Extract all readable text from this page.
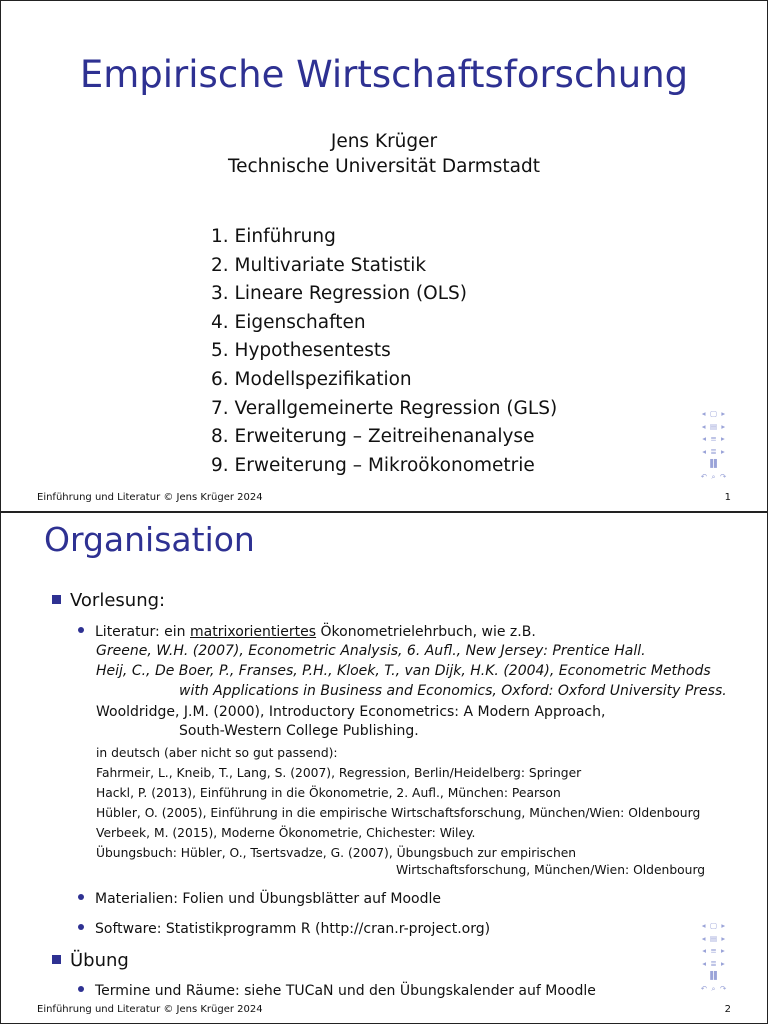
Empirische Wirtschaftsforschung
Jens Krüger
Technische Universität Darmstadt
1. Einführung
2. Multivariate Statistik
3. Lineare Regression (OLS)
4. Eigenschaften
5. Hypothesentests
6. Modellspezifikation
7. Verallgemeinerte Regression (GLS)
8. Erweiterung – Zeitreihenanalyse
9. Erweiterung – Mikroökonometrie
Einführung und Literatur © Jens Krüger 2024	1
◂ ▢ ▸
◂ ▤ ▸
◂ ≡ ▸
◂ ≣ ▸
▐▌
↶ ⌕ ↷
Einführung und Literatur © Jens Krüger 2024	2
Organisation
Vorlesung:
Literatur: ein matrixorientiertes Ökonometrielehrbuch, wie z.B.
Greene, W.H. (2007), Econometric Analysis, 6. Aufl., New Jersey: Prentice Hall.
Heij, C., De Boer, P., Franses, P.H., Kloek, T., van Dijk, H.K. (2004), Econometric Methods
with Applications in Business and Economics, Oxford: Oxford University Press.
Wooldridge, J.M. (2000), Introductory Econometrics: A Modern Approach,
South-Western College Publishing.
in deutsch (aber nicht so gut passend):
Fahrmeir, L., Kneib, T., Lang, S. (2007), Regression, Berlin/Heidelberg: Springer
Hackl, P. (2013), Einführung in die Ökonometrie, 2. Aufl., München: Pearson
Hübler, O. (2005), Einführung in die empirische Wirtschaftsforschung, München/Wien: Oldenbourg
Verbeek, M. (2015), Moderne Ökonometrie, Chichester: Wiley.
Übungsbuch: Hübler, O., Tsertsvadze, G. (2007), Übungsbuch zur empirischen
Wirtschaftsforschung, München/Wien: Oldenbourg
Materialien: Folien und Übungsblätter auf Moodle
Software: Statistikprogramm R (http://cran.r-project.org)
Übung
Termine und Räume: siehe TUCaN und den Übungskalender auf Moodle
◂ ▢ ▸
◂ ▤ ▸
◂ ≡ ▸
◂ ≣ ▸
▐▌
↶ ⌕ ↷
